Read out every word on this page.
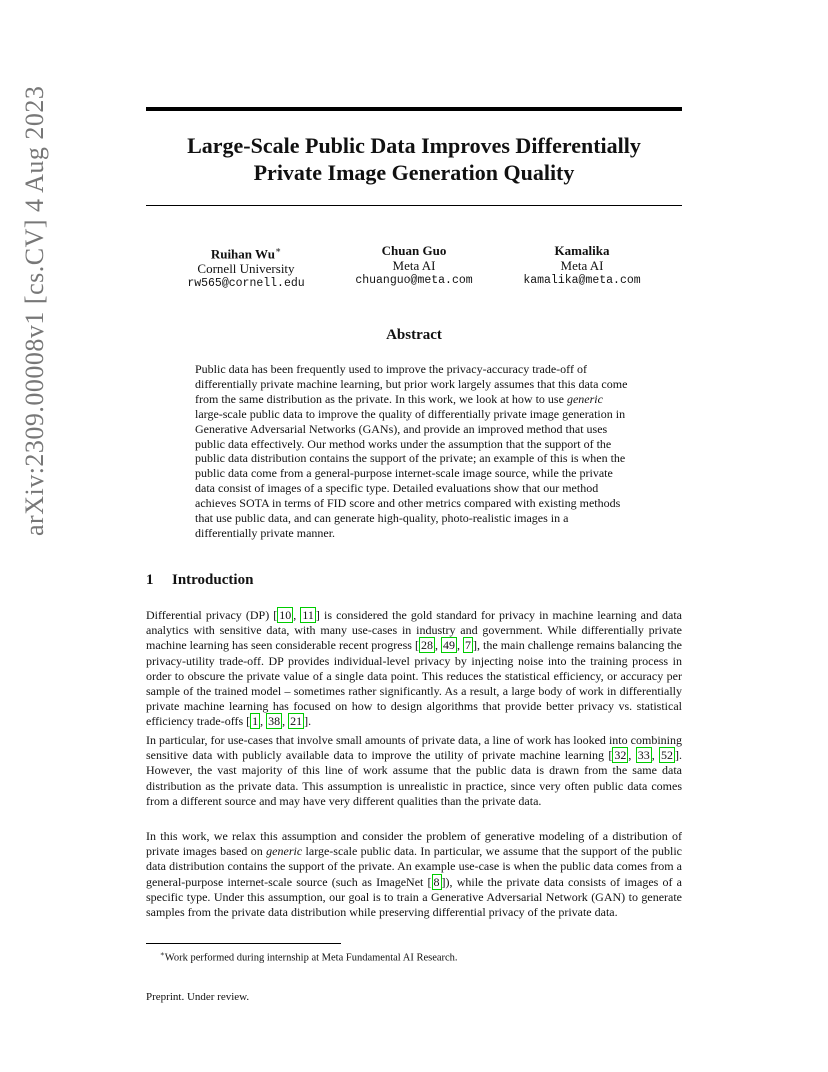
arXiv:2309.00008v1 [cs.CV] 4 Aug 2023	Large-Scale Public Data Improves Differentially
Private Image Generation Quality
Ruihan Wu∗
Cornell University
rw565@cornell.edu
Chuan Guo
Meta AI
chuanguo@meta.com
Kamalika
Meta AI
kamalika@meta.com
Abstract
Public data has been frequently used to improve the privacy-accuracy trade-off of differentially private machine learning, but prior work largely assumes that this data come from the same distribution as the private. In this work, we look at how to use generic large-scale public data to improve the quality of differentially private image generation in Generative Adversarial Networks (GANs), and provide an improved method that uses public data effectively. Our method works under the assumption that the support of the public data distribution contains the support of the private; an example of this is when the public data come from a general-purpose internet-scale image source, while the private data consist of images of a specific type. Detailed evaluations show that our method achieves SOTA in terms of FID score and other metrics compared with existing methods that use public data, and can generate high-quality, photo-realistic images in a differentially private manner.
1 Introduction
Differential privacy (DP) [ 10 , 11 ] is considered the gold standard for privacy in machine learning and data analytics with sensitive data, with many use-cases in industry and government. While differentially private machine learning has seen considerable recent progress [ 28 , 49 , 7 ], the main challenge remains balancing the privacy-utility trade-off. DP provides individual-level privacy by injecting noise into the training process in order to obscure the private value of a single data point. This reduces the statistical efficiency, or accuracy per sample of the trained model – sometimes rather significantly. As a result, a large body of work in differentially private machine learning has focused on how to design algorithms that provide better privacy vs. statistical efficiency trade-offs [ 1 , 38 , 21 ].
In particular, for use-cases that involve small amounts of private data, a line of work has looked into combining sensitive data with publicly available data to improve the utility of private machine learning [ 32 , 33 , 52 ]. However, the vast majority of this line of work assume that the public data is drawn from the same data distribution as the private data. This assumption is unrealistic in practice, since very often public data comes from a different source and may have very different qualities than the private data.
In this work, we relax this assumption and consider the problem of generative modeling of a distribution of private images based on generic large-scale public data. In particular, we assume that the support of the public data distribution contains the support of the private. An example use-case is when the public data comes from a general-purpose internet-scale source (such as ImageNet [ 8 ]), while the private data consists of images of a specific type. Under this assumption, our goal is to train a Generative Adversarial Network (GAN) to generate samples from the private data distribution while preserving differential privacy of the private data.
∗Work performed during internship at Meta Fundamental AI Research.
Preprint. Under review.
